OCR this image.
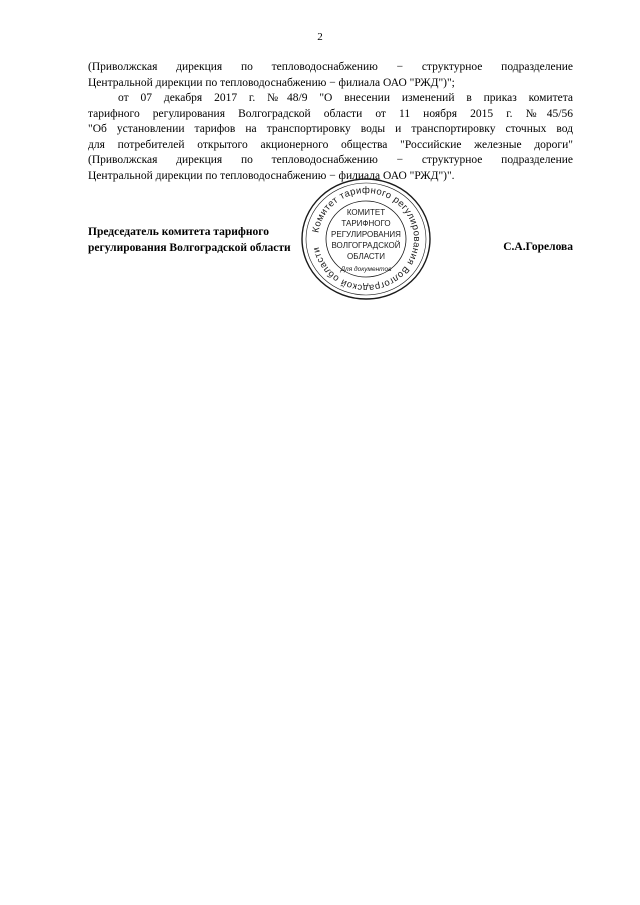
2
(Приволжская дирекция по тепловодоснабжению − структурное подразделение
Центральной дирекции по тепловодоснабжению − филиала ОАО "РЖД")";
от 07 декабря 2017 г. №48/9 "О внесении изменений в приказ комитета
тарифного регулирования Волгоградской области от 11 ноября 2015 г. №45/56
"Об установлении тарифов на транспортировку воды и транспортировку сточных вод
для потребителей открытого акционерного общества "Российские железные дороги"
(Приволжская дирекция по тепловодоснабжению − структурное подразделение
Центральной дирекции по тепловодоснабжению − филиала ОАО "РЖД")".
Председатель комитета тарифного
регулирования Волгоградской области	С.А.Горелова
Комитет тарифного регулирования Волгоградской области
КОМИТЕТ
ТАРИФНОГО
РЕГУЛИРОВАНИЯ
ВОЛГОГРАДСКОЙ
ОБЛАСТИ
Для документов
